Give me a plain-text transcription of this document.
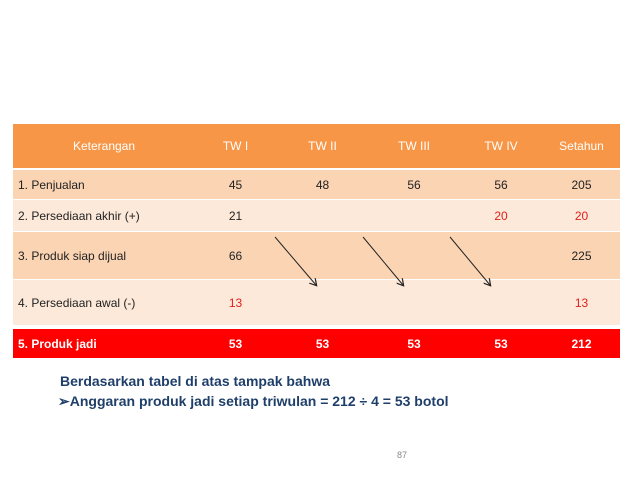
Keterangan	TW I	TW II	TW III	TW IV	Setahun
1. Penjualan	45	48	56	56	205
2. Persediaan akhir (+)	21			20	20
3. Produk siap dijual	66				225
4. Persediaan awal (-)	13				13

5. Produk jadi	53	53	53	53	212
Berdasarkan tabel di atas tampak bahwa
➢Anggaran produk jadi setiap triwulan = 212 ÷ 4 = 53 botol
87
